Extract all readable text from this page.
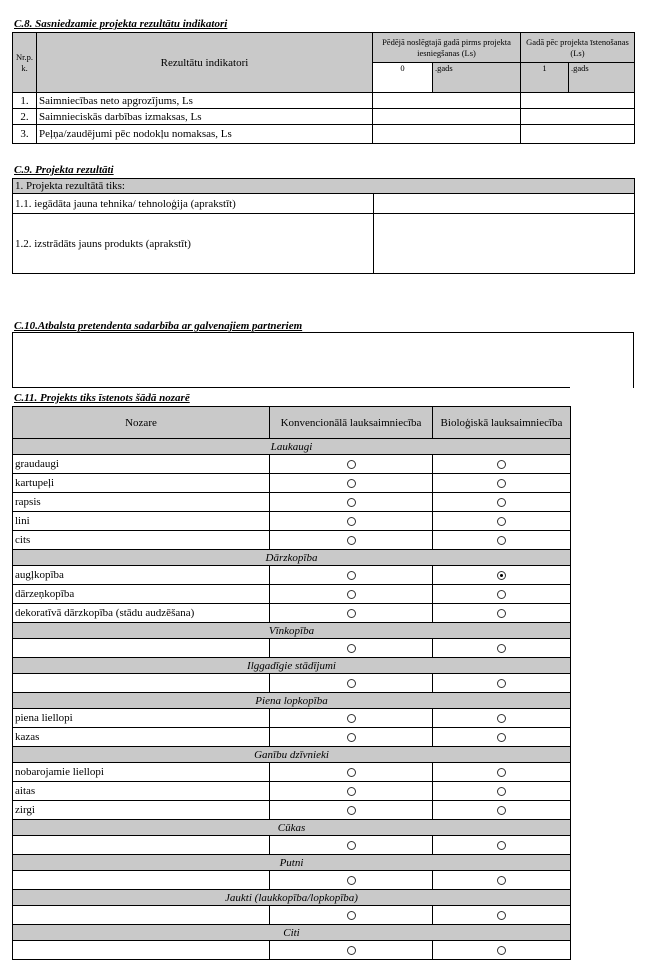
C.8. Sasniedzamie projekta rezultātu indikatori
Nr.p. k.	Rezultātu indikatori	Pēdējā noslēgtajā gadā pirms projekta iesniegšanas (Ls)		Gadā pēc projekta īstenošanas (Ls)	
		0	.gads	1	.gads
1.	Saimniecības neto apgrozījums, Ls				
2.	Saimnieciskās darbības izmaksas, Ls				
3.	Peļņa/zaudējumi pēc nodokļu nomaksas, Ls				
C.9. Projekta rezultāti
1. Projekta rezultātā tiks:	
1.1. iegādāta jauna tehnika/ tehnoloģija (aprakstīt)	
1.2. izstrādāts jauns produkts (aprakstīt)	
C.10.Atbalsta pretendenta sadarbība ar galvenajiem partneriem
C.11. Projekts tiks īstenots šādā nozarē
Nozare	Konvencionālā lauksaimniecība	Bioloģiskā lauksaimniecība
Laukaugi		
graudaugi		
kartupeļi		
rapsis		
lini		
cits		
Dārzkopība		
augļkopība		
dārzeņkopība		
dekoratīvā dārzkopība (stādu audzēšana)		
Vīnkopība		

Ilggadīgie stādījumi		

Piena lopkopība		
piena liellopi		
kazas		
Ganību dzīvnieki		
nobarojamie liellopi		
aitas		
zirgi		
Cūkas		

Putni		

Jaukti (laukkopība/lopkopība)		

Citi		
